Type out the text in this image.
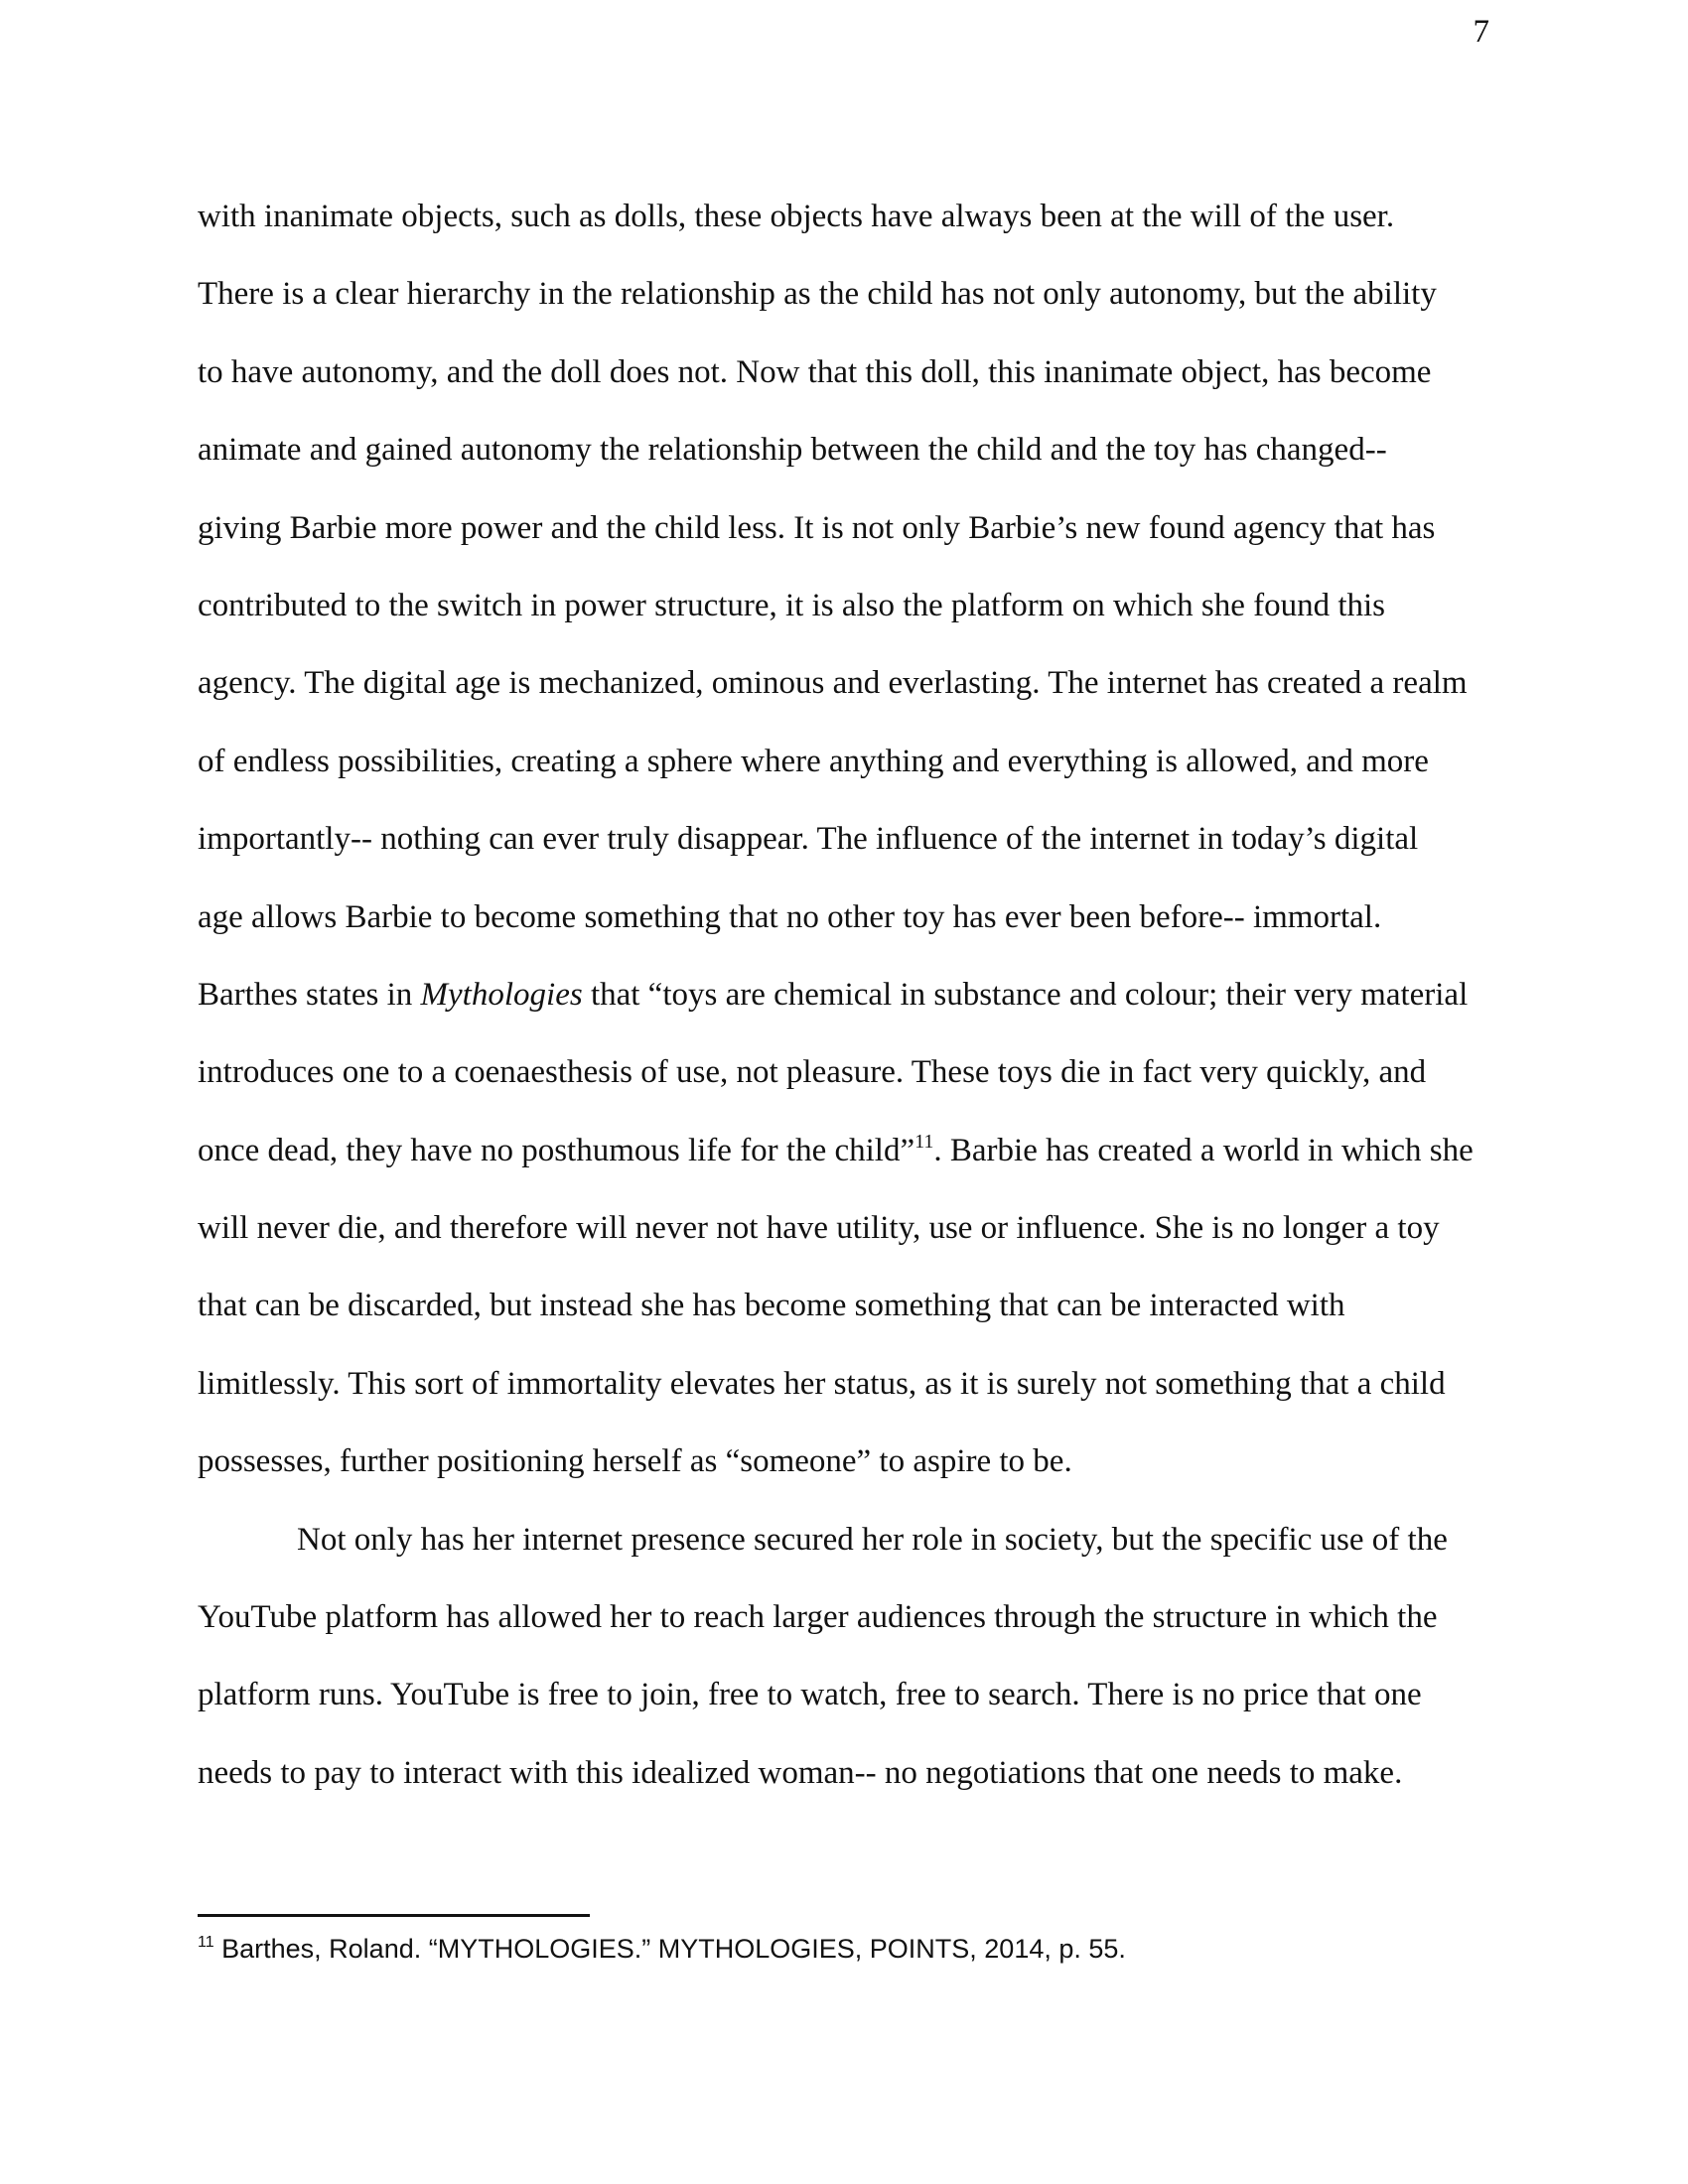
7
with inanimate objects, such as dolls, these objects have always been at the will of the user.
There is a clear hierarchy in the relationship as the child has not only autonomy, but the ability
to have autonomy, and the doll does not. Now that this doll, this inanimate object, has become
animate and gained autonomy the relationship between the child and the toy has changed--
giving Barbie more power and the child less. It is not only Barbie’s new found agency that has
contributed to the switch in power structure, it is also the platform on which she found this
agency. The digital age is mechanized, ominous and everlasting. The internet has created a realm
of endless possibilities, creating a sphere where anything and everything is allowed, and more
importantly-- nothing can ever truly disappear. The influence of the internet in today’s digital
age allows Barbie to become something that no other toy has ever been before-- immortal.
Barthes states in Mythologies that “toys are chemical in substance and colour; their very material
introduces one to a coenaesthesis of use, not pleasure. These toys die in fact very quickly, and
once dead, they have no posthumous life for the child”$^{11}$. Barbie has created a world in which she
will never die, and therefore will never not have utility, use or influence. She is no longer a toy
that can be discarded, but instead she has become something that can be interacted with
limitlessly. This sort of immortality elevates her status, as it is surely not something that a child
possesses, further positioning herself as “someone” to aspire to be.
Not only has her internet presence secured her role in society, but the specific use of the
YouTube platform has allowed her to reach larger audiences through the structure in which the
platform runs. YouTube is free to join, free to watch, free to search. There is no price that one
needs to pay to interact with this idealized woman-- no negotiations that one needs to make.
$^{11}$ Barthes, Roland. “MYTHOLOGIES.” MYTHOLOGIES, POINTS, 2014, p. 55.
